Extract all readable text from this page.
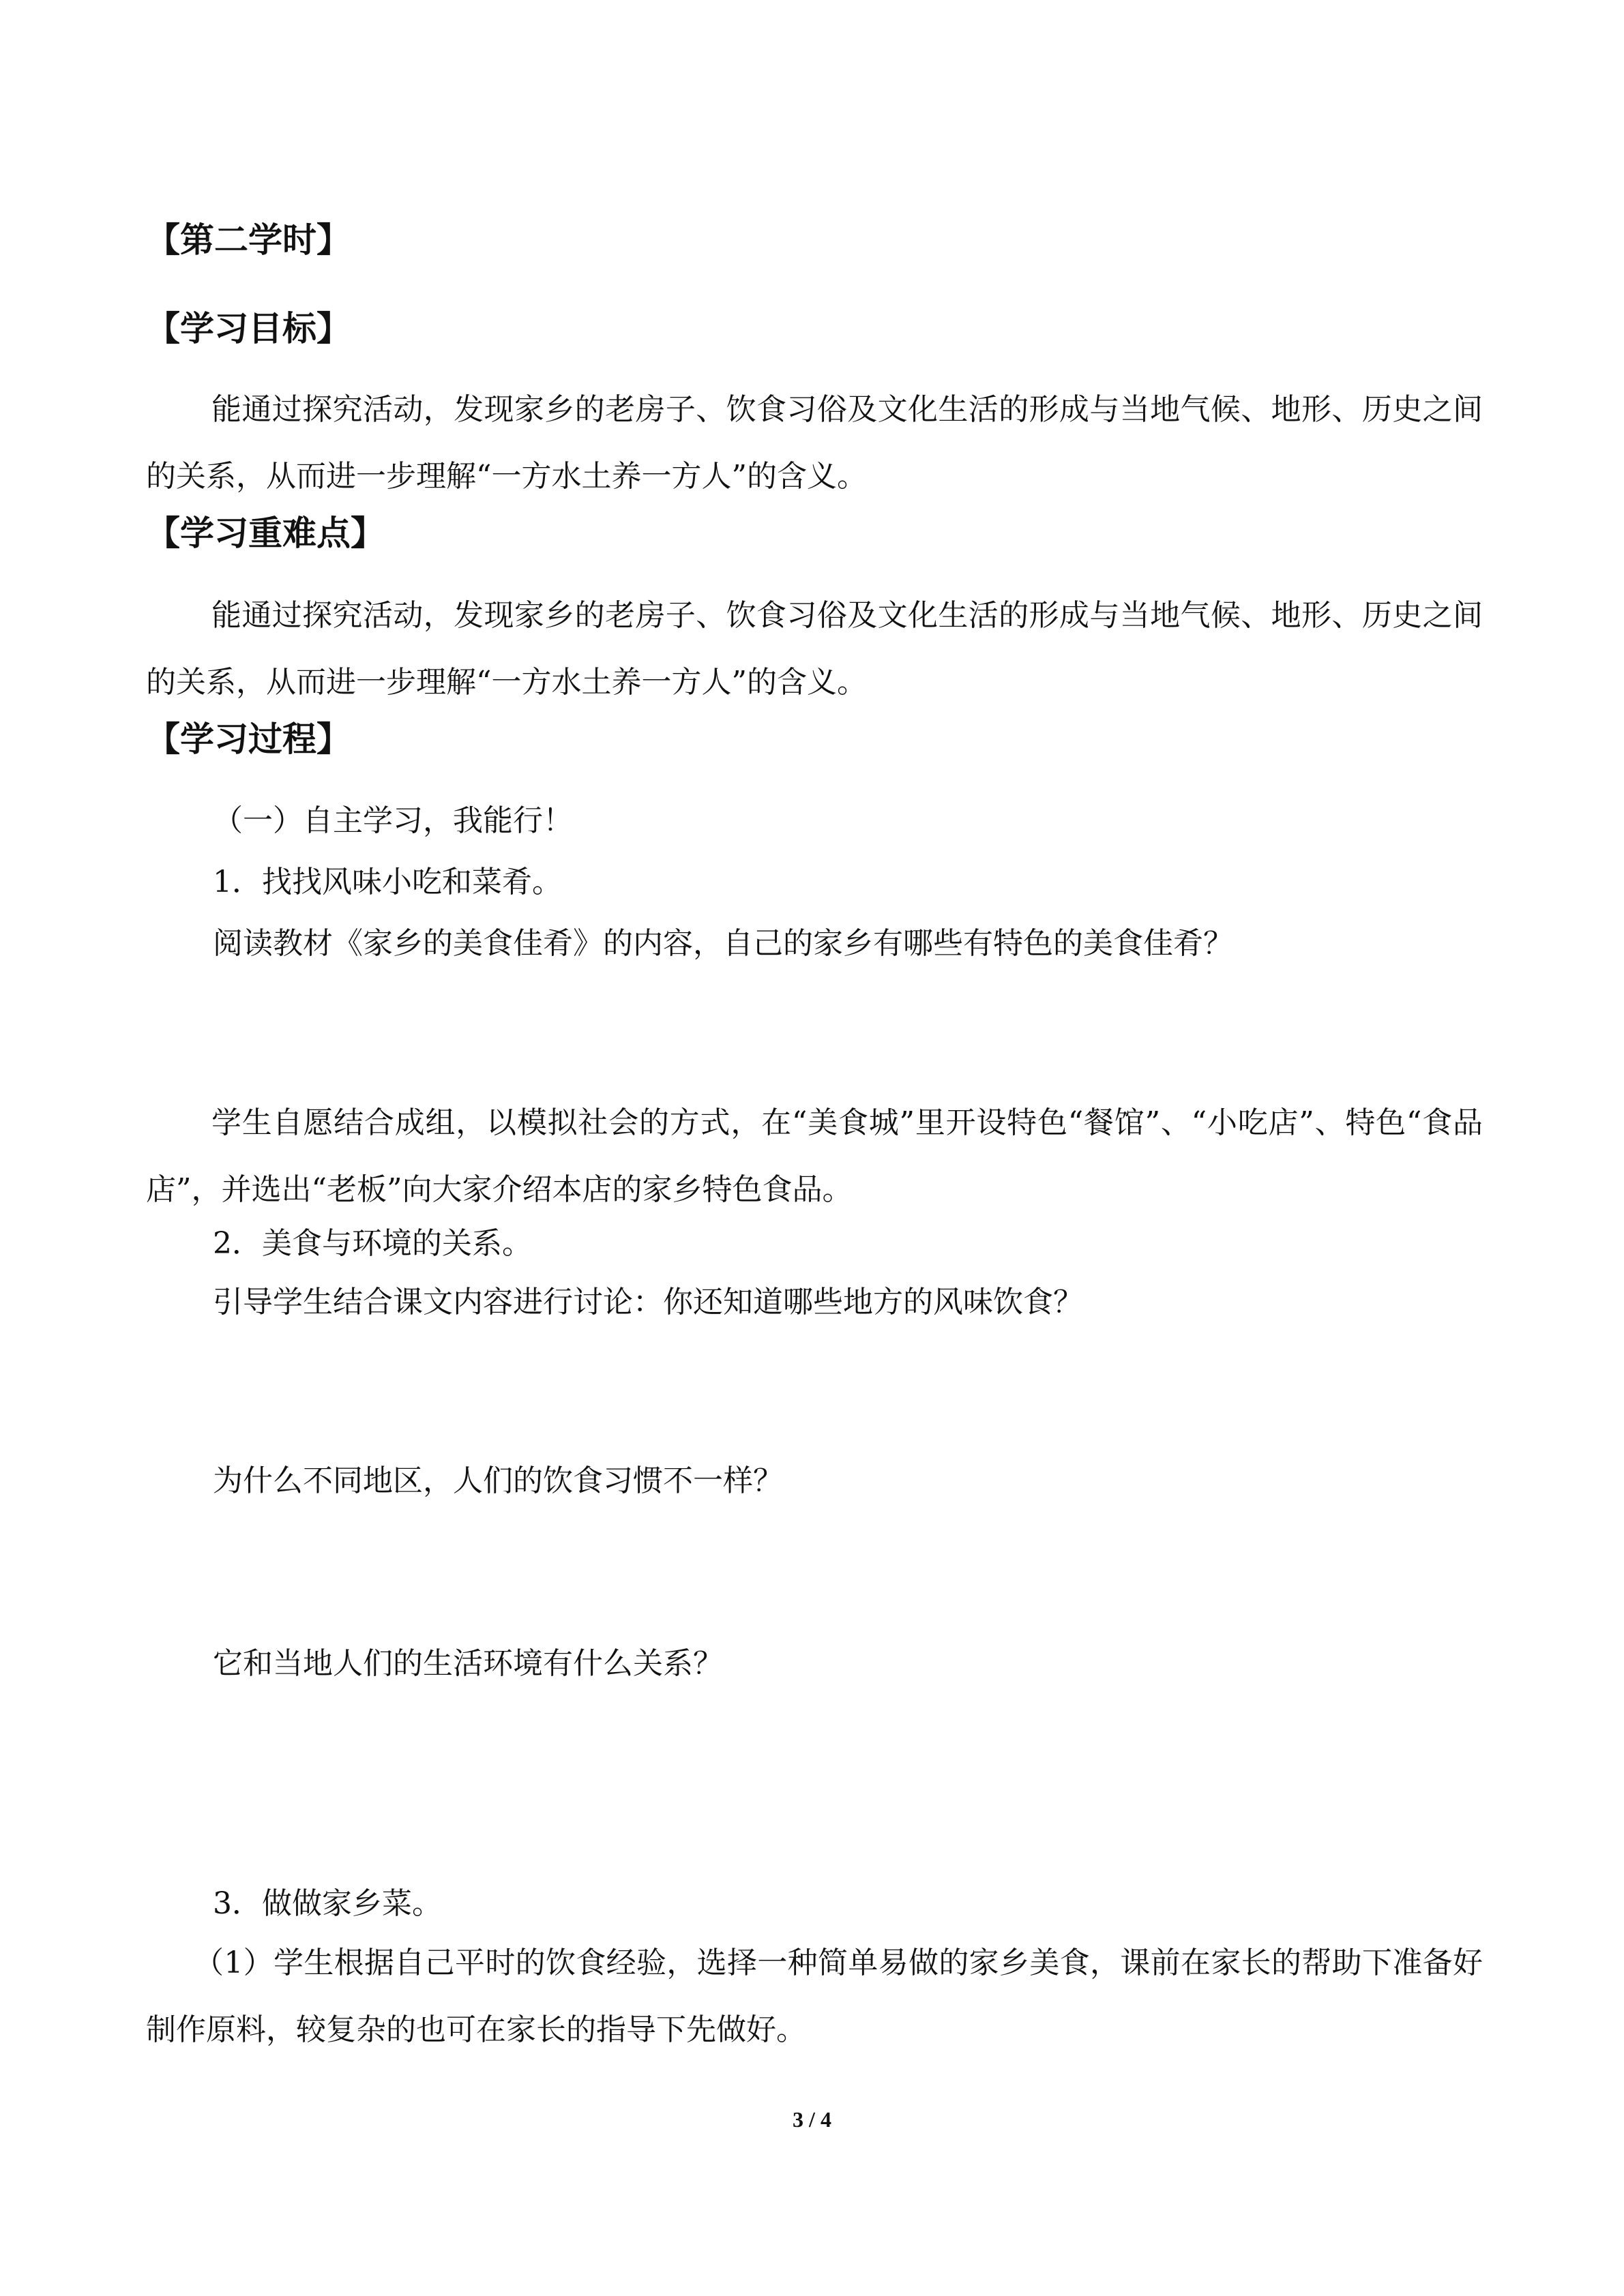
【第二学时】

【学习目标】

能通过探究活动，发现家乡的老房子、饮食习俗及文化生活的形成与当地气候、地形、历史之间的关系，从而进一步理解“一方水土养一方人”的含义。

【学习重难点】

能通过探究活动，发现家乡的老房子、饮食习俗及文化生活的形成与当地气候、地形、历史之间的关系，从而进一步理解“一方水土养一方人”的含义。

【学习过程】

（一）自主学习，我能行！

1．找找风味小吃和菜肴。

阅读教材《家乡的美食佳肴》的内容，自己的家乡有哪些有特色的美食佳肴？

学生自愿结合成组，以模拟社会的方式，在“美食城”里开设特色“餐馆”、“小吃店”、特色“食品店”，并选出“老板”向大家介绍本店的家乡特色食品。

2．美食与环境的关系。

引导学生结合课文内容进行讨论：你还知道哪些地方的风味饮食？

为什么不同地区，人们的饮食习惯不一样？

它和当地人们的生活环境有什么关系？

3．做做家乡菜。

（1）学生根据自己平时的饮食经验，选择一种简单易做的家乡美食，课前在家长的帮助下准备好制作原料，较复杂的也可在家长的指导下先做好。

3 / 4
